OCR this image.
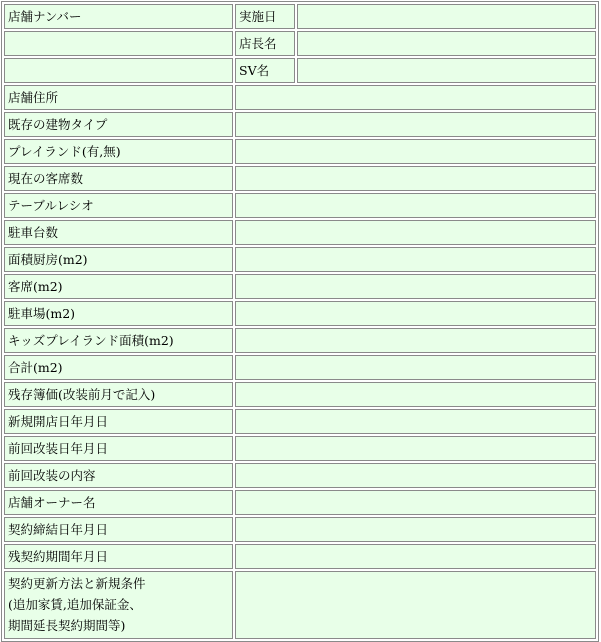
店舗ナンバー	実施日	
	店長名	
	SV名	
店舗住所		
既存の建物タイプ		
プレイランド(有,無)		
現在の客席数		
テーブルレシオ		
駐車台数		
面積厨房(m2)		
客席(m2)		
駐車場(m2)		
キッズプレイランド面積(m2)		
合計(m2)		
残存簿価(改装前月で記入)		
新規開店日年月日		
前回改装日年月日		
前回改装の内容		
店舗オーナー名		
契約締結日年月日		
残契約期間年月日		
契約更新方法と新規条件
(追加家賃,追加保証金、
期間延長契約期間等)		
